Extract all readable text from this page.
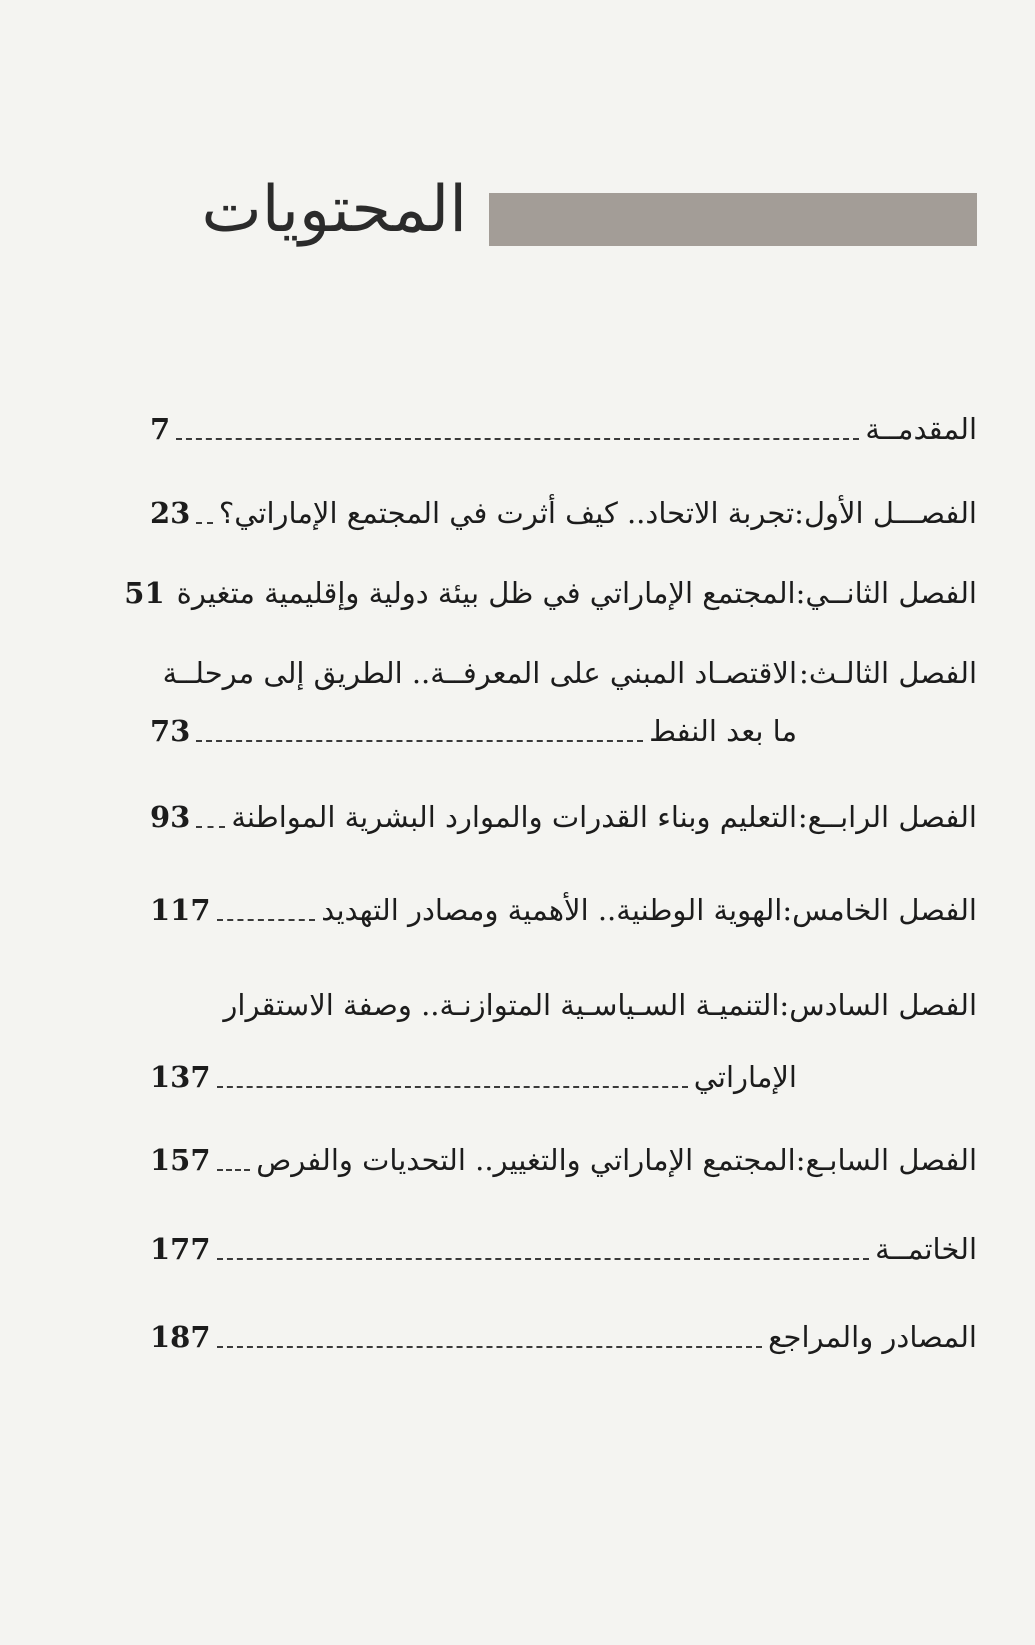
المحتويات
المقدمــة
7
الفصـــل الأول:
تجربة الاتحاد.. كيف أثرت في المجتمع الإماراتي؟
23
الفصل الثانــي:
المجتمع الإماراتي في ظل بيئة دولية وإقليمية متغيرة
51
الفصل الثالـث:
الاقتصـاد المبني على المعرفــة.. الطريق إلى مرحلــة
ما بعد النفط
73
الفصل الرابــع:
التعليم وبناء القدرات والموارد البشرية المواطنة
93
الفصل الخامس:
الهوية الوطنية.. الأهمية ومصادر التهديد
117
الفصل السادس:
التنميـة السـياسـية المتوازنـة.. وصفة الاستقرار
الإماراتي
137
الفصل السابـع:
المجتمع الإماراتي والتغيير.. التحديات والفرص
157
الخاتمــة
177
المصادر والمراجع
187
